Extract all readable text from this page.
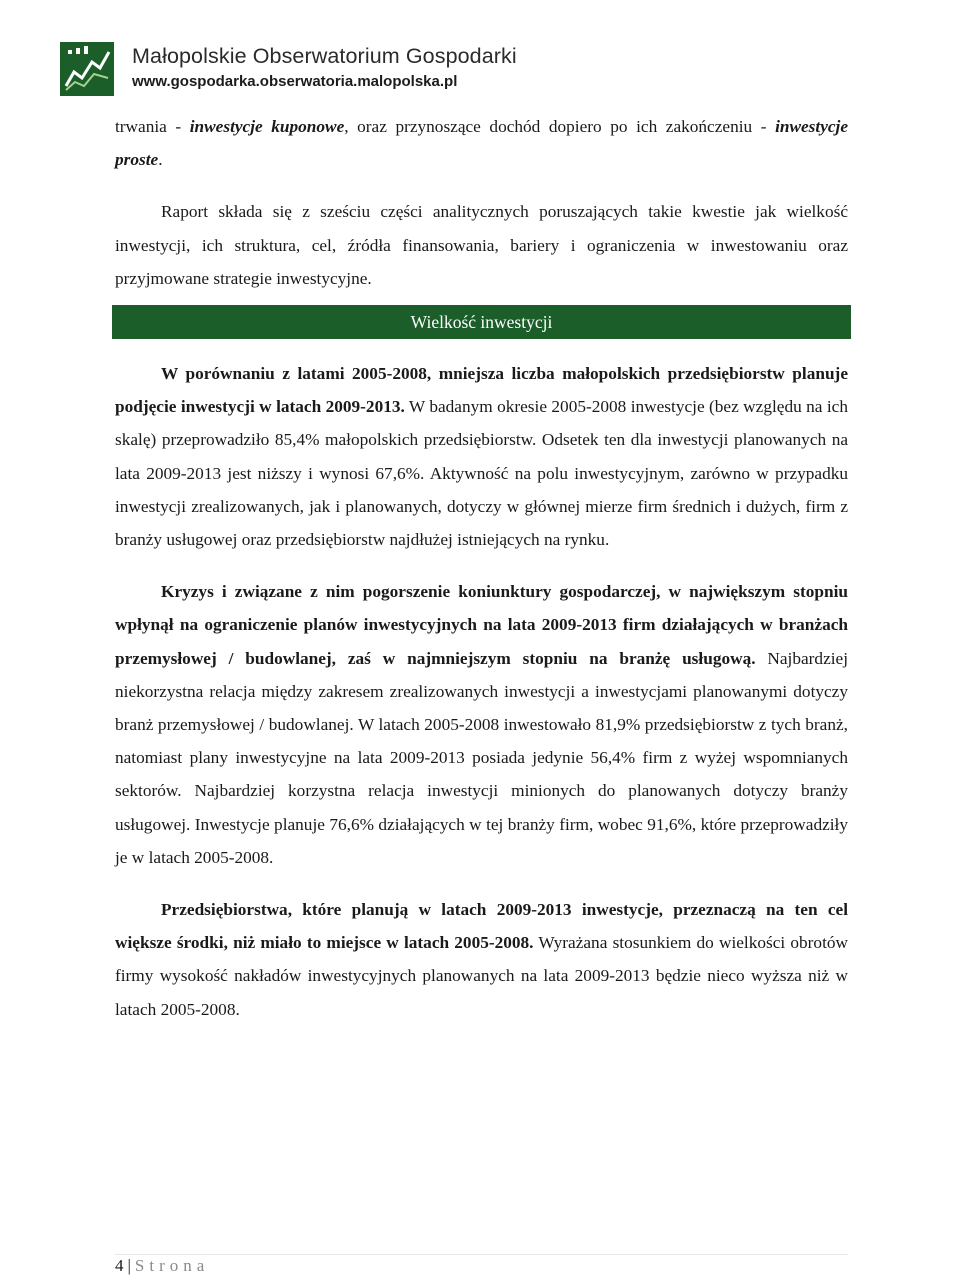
Małopolskie Obserwatorium Gospodarki
www.gospodarka.obserwatoria.malopolska.pl

trwania - inwestycje kuponowe, oraz przynoszące dochód dopiero po ich zakończeniu - inwestycje proste.

Raport składa się z sześciu części analitycznych poruszających takie kwestie jak wielkość inwestycji, ich struktura, cel, źródła finansowania, bariery i ograniczenia w inwestowaniu oraz przyjmowane strategie inwestycyjne.

Wielkość inwestycji

W porównaniu z latami 2005-2008, mniejsza liczba małopolskich przedsiębiorstw planuje podjęcie inwestycji w latach 2009-2013. W badanym okresie 2005-2008 inwestycje (bez względu na ich skalę) przeprowadziło 85,4% małopolskich przedsiębiorstw. Odsetek ten dla inwestycji planowanych na lata 2009-2013 jest niższy i wynosi 67,6%. Aktywność na polu inwestycyjnym, zarówno w przypadku inwestycji zrealizowanych, jak i planowanych, dotyczy w głównej mierze firm średnich i dużych, firm z branży usługowej oraz przedsiębiorstw najdłużej istniejących na rynku.

Kryzys i związane z nim pogorszenie koniunktury gospodarczej, w największym stopniu wpłynął na ograniczenie planów inwestycyjnych na lata 2009-2013 firm działających w branżach przemysłowej / budowlanej, zaś w najmniejszym stopniu na branżę usługową. Najbardziej niekorzystna relacja między zakresem zrealizowanych inwestycji a inwestycjami planowanymi dotyczy branż przemysłowej / budowlanej. W latach 2005-2008 inwestowało 81,9% przedsiębiorstw z tych branż, natomiast plany inwestycyjne na lata 2009-2013 posiada jedynie 56,4% firm z wyżej wspomnianych sektorów. Najbardziej korzystna relacja inwestycji minionych do planowanych dotyczy branży usługowej. Inwestycje planuje 76,6% działających w tej branży firm, wobec 91,6%, które przeprowadziły je w latach 2005-2008.

Przedsiębiorstwa, które planują w latach 2009-2013 inwestycje, przeznaczą na ten cel większe środki, niż miało to miejsce w latach 2005-2008. Wyrażana stosunkiem do wielkości obrotów firmy wysokość nakładów inwestycyjnych planowanych na lata 2009-2013 będzie nieco wyższa niż w latach 2005-2008.

4 | Strona
